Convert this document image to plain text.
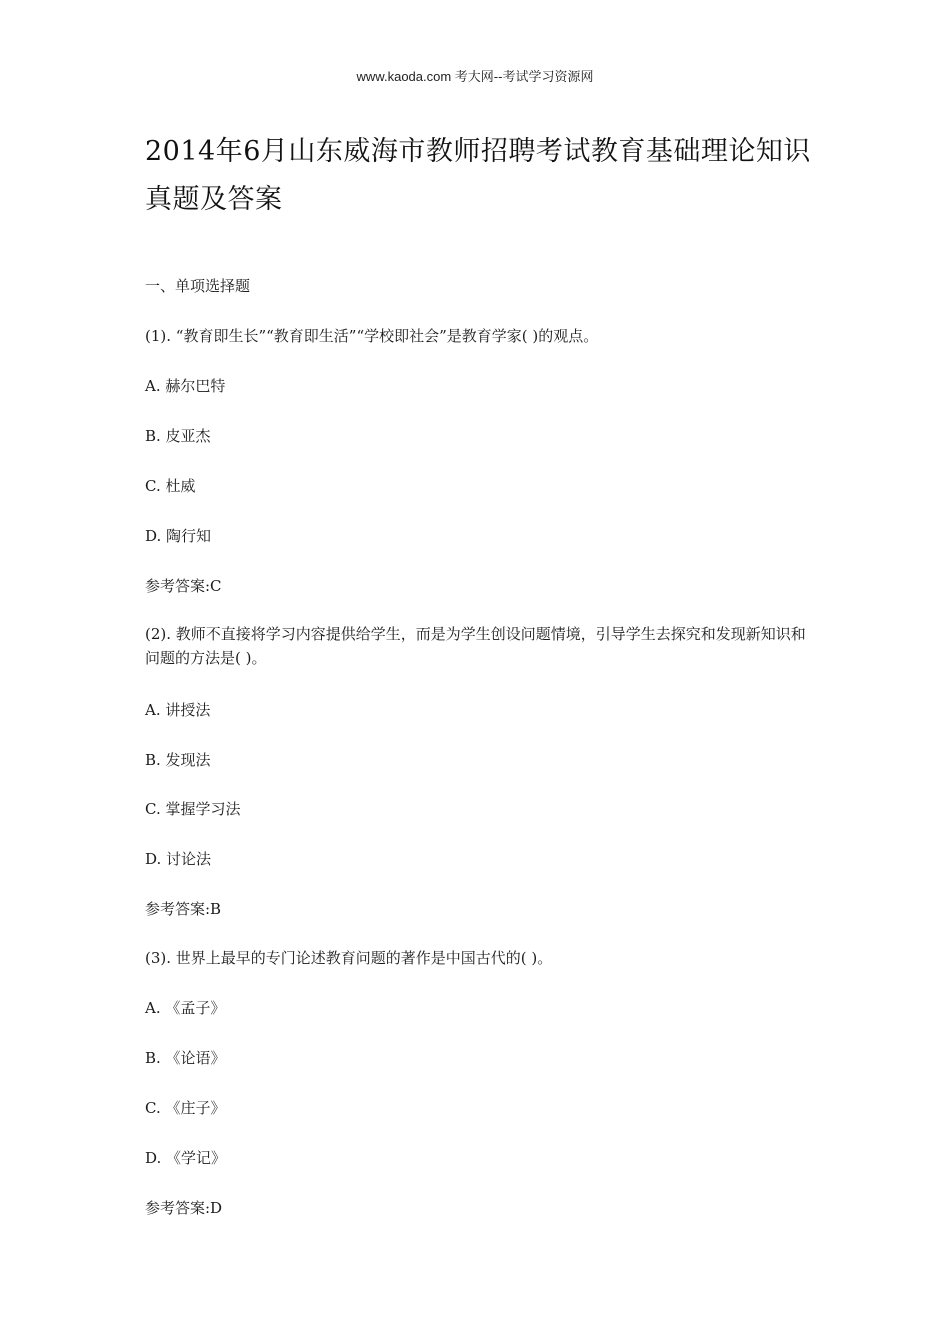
www.kaoda.com 考大网--考试学习资源网
2014年6月山东威海市教师招聘考试教育基础理论知识真题及答案
一、单项选择题
(1). “教育即生长”“教育即生活”“学校即社会”是教育学家( )的观点。
A. 赫尔巴特
B. 皮亚杰
C. 杜威
D. 陶行知
参考答案:C
(2). 教师不直接将学习内容提供给学生，而是为学生创设问题情境，引导学生去探究和发现新知识和问题的方法是( )。
A. 讲授法
B. 发现法
C. 掌握学习法
D. 讨论法
参考答案:B
(3). 世界上最早的专门论述教育问题的著作是中国古代的( )。
A. 《孟子》
B. 《论语》
C. 《庄子》
D. 《学记》
参考答案:D
